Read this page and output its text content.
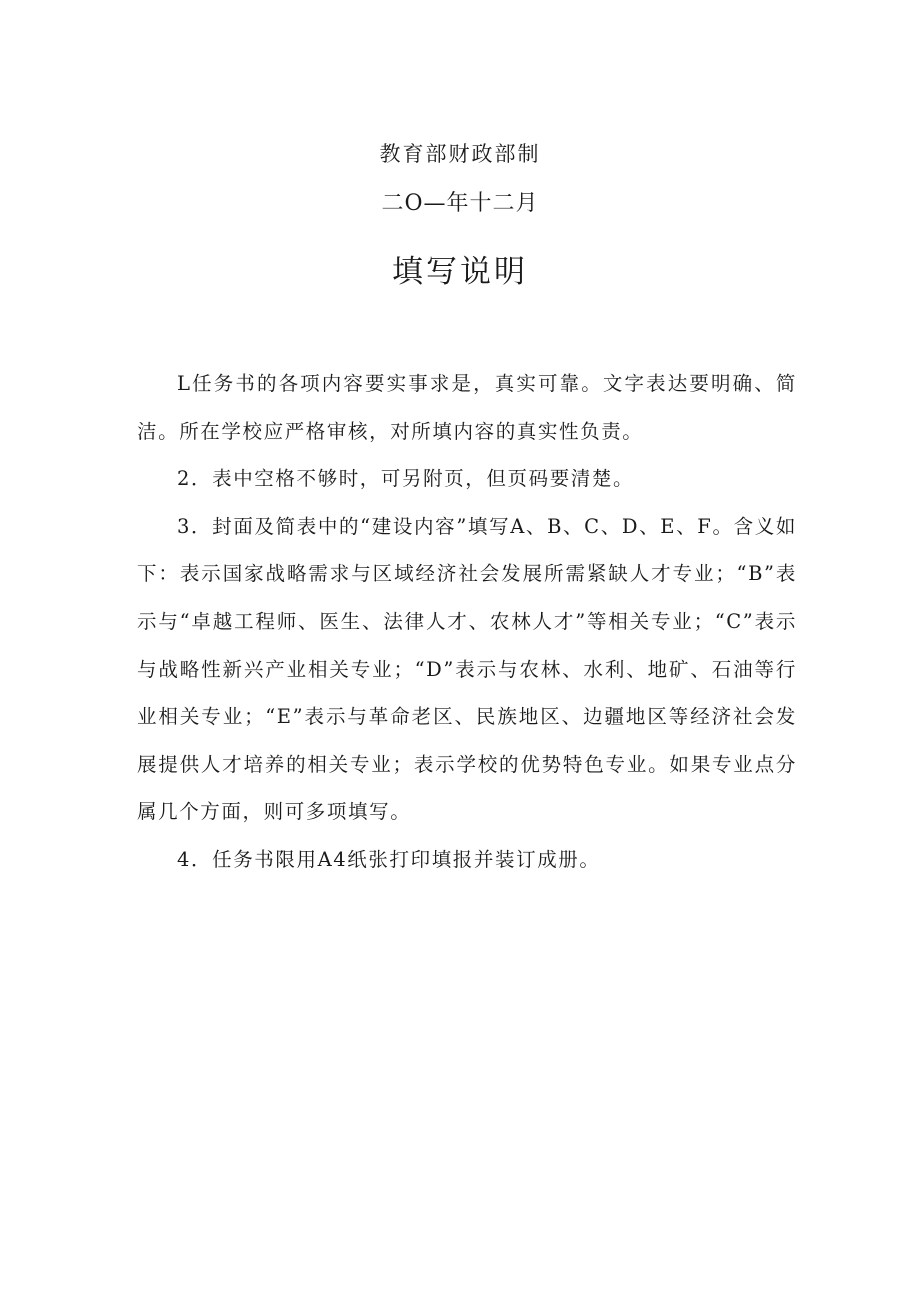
教育部财政部制
二O—年十二月
填写说明

L任务书的各项内容要实事求是，真实可靠。文字表达要明确、简洁。所在学校应严格审核，对所填内容的真实性负责。

2．表中空格不够时，可另附页，但页码要清楚。

3．封面及简表中的“建设内容”填写A、B、C、D、E、F。含义如下：表示国家战略需求与区域经济社会发展所需紧缺人才专业；“B”表示与“卓越工程师、医生、法律人才、农林人才”等相关专业；“C”表示与战略性新兴产业相关专业；“D”表示与农林、水利、地矿、石油等行业相关专业；“E”表示与革命老区、民族地区、边疆地区等经济社会发展提供人才培养的相关专业；表示学校的优势特色专业。如果专业点分属几个方面，则可多项填写。

4．任务书限用A4纸张打印填报并装订成册。
